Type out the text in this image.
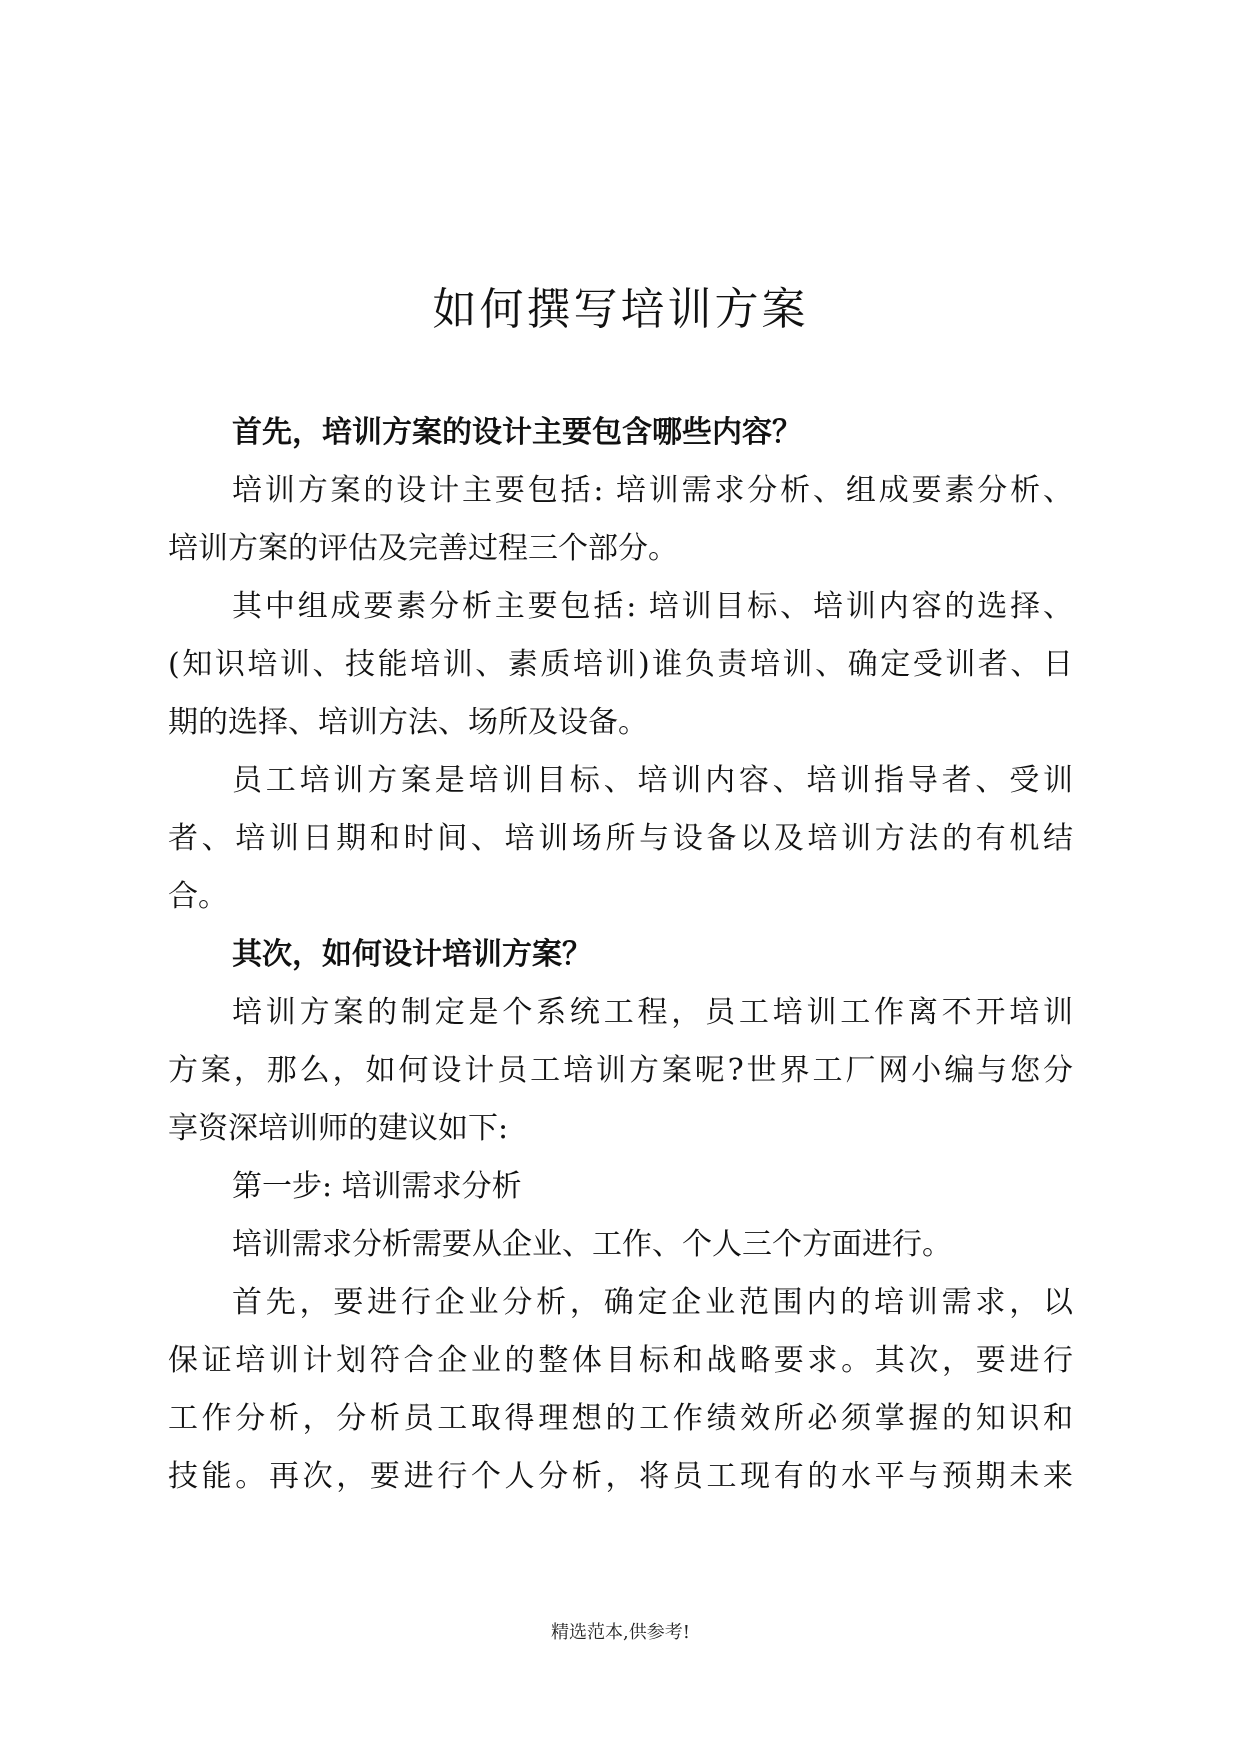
如何撰写培训方案
首先，培训方案的设计主要包含哪些内容？
培训方案的设计主要包括: 培训需求分析、组成要素分析、
培训方案的评估及完善过程三个部分。
其中组成要素分析主要包括: 培训目标、培训内容的选择、
(知识培训、技能培训、素质培训)谁负责培训、确定受训者、日
期的选择、培训方法、场所及设备。
员工培训方案是培训目标、培训内容、培训指导者、受训
者、培训日期和时间、培训场所与设备以及培训方法的有机结
合。
其次，如何设计培训方案？
培训方案的制定是个系统工程，员工培训工作离不开培训
方案，那么，如何设计员工培训方案呢?世界工厂网小编与您分
享资深培训师的建议如下:
第一步: 培训需求分析
培训需求分析需要从企业、工作、个人三个方面进行。
首先，要进行企业分析，确定企业范围内的培训需求，以
保证培训计划符合企业的整体目标和战略要求。其次，要进行
工作分析，分析员工取得理想的工作绩效所必须掌握的知识和
技能。再次，要进行个人分析，将员工现有的水平与预期未来
精选范本,供参考!
